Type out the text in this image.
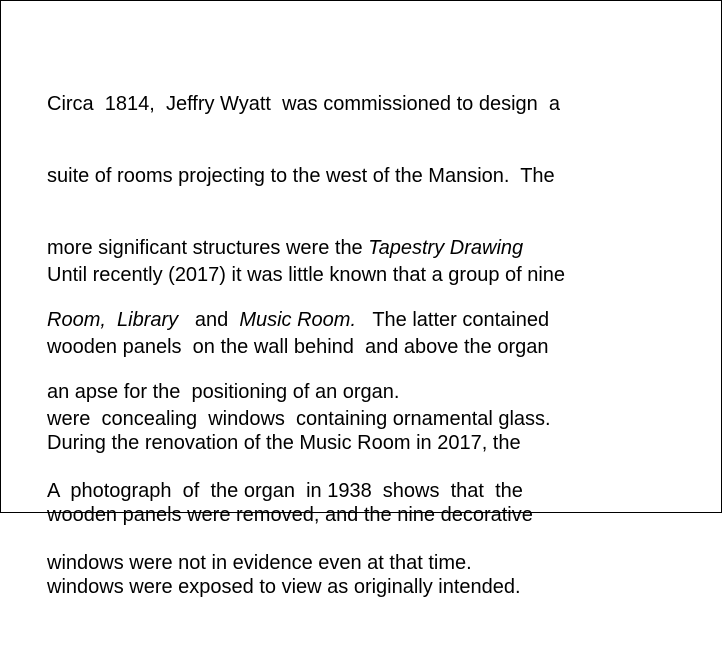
Circa  1814,  Jeffry Wyatt  was commissioned to design  a

suite of rooms projecting to the west of the Mansion.  The

more significant structures were the Tapestry Drawing

Room,  Library   and  Music Room.   The latter contained

an apse for the  positioning of an organ.

Until recently (2017) it was little known that a group of nine

wooden panels  on the wall behind  and above the organ

were  concealing  windows  containing ornamental glass.

A  photograph  of  the organ  in 1938  shows  that  the

windows were not in evidence even at that time.

During the renovation of the Music Room in 2017, the

wooden panels were removed, and the nine decorative

windows were exposed to view as originally intended.
